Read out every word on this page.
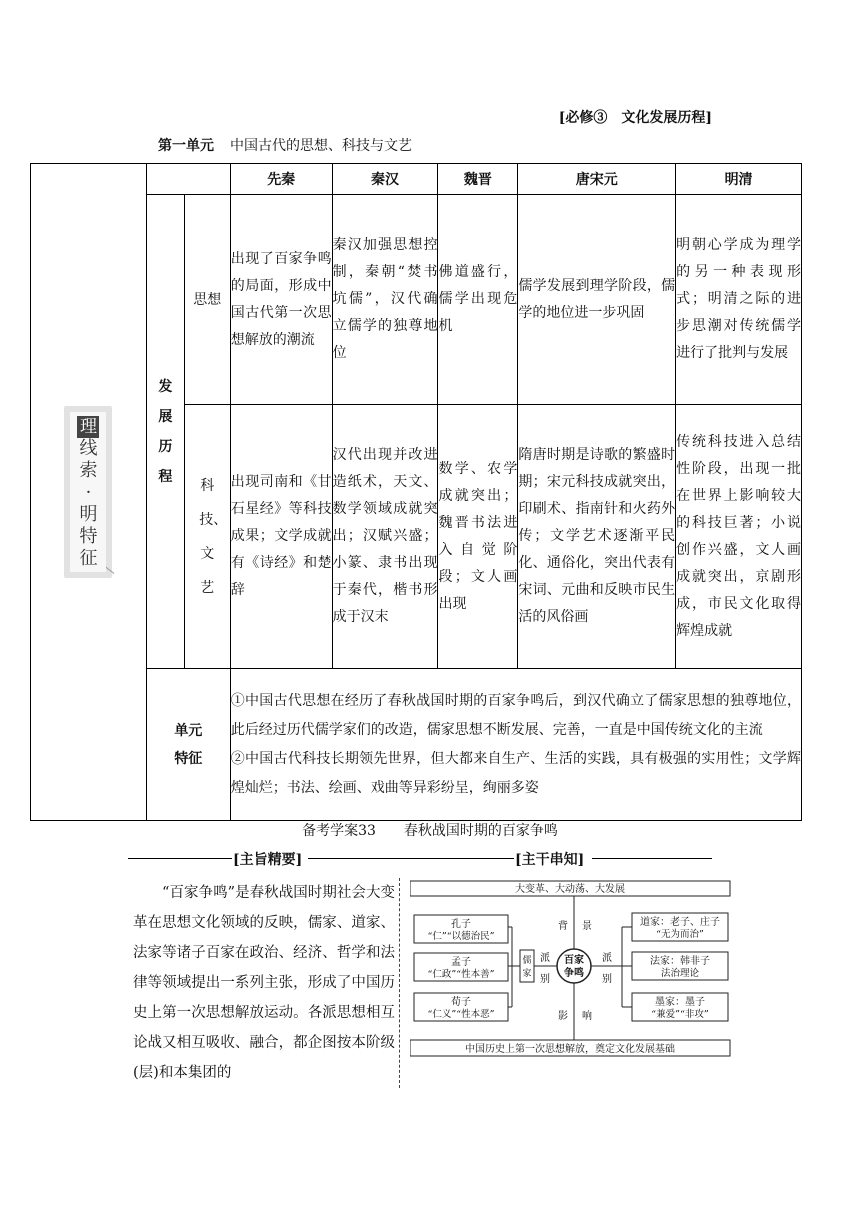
[必修③　文化发展历程]
第一单元 中国古代的思想、科技与文艺
理
线索·
明特征			先秦	秦汉	魏晋	唐宋元	明清

	发展历程	思想	出现了百家争鸣的局面，形成中国古代第一次思想解放的潮流	秦汉加强思想控制，秦朝“焚书坑儒”，汉代确立儒学的独尊地位	佛道盛行，儒学出现危机	儒学发展到理学阶段，儒学的地位进一步巩固	明朝心学成为理学的另一种表现形式；明清之际的进步思潮对传统儒学进行了批判与发展

		科技、文艺	出现司南和《甘石星经》等科技成果；文学成就有《诗经》和楚辞	汉代出现并改进造纸术，天文、数学领域成就突出；汉赋兴盛；小篆、隶书出现于秦代，楷书形成于汉末	数学、农学成就突出；魏晋书法进入自觉阶段；文人画出现	隋唐时期是诗歌的繁盛时期；宋元科技成就突出，印刷术、指南针和火药外传；文学艺术逐渐平民化、通俗化，突出代表有宋词、元曲和反映市民生活的风俗画	传统科技进入总结性阶段，出现一批在世界上影响较大的科技巨著；小说创作兴盛，文人画成就突出，京剧形成，市民文化取得辉煌成就

	单元特征		①中国古代思想在经历了春秋战国时期的百家争鸣后，到汉代确立了儒家思想的独尊地位，此后经过历代儒学家们的改造，儒家思想不断发展、完善，一直是中国传统文化的主流
②中国古代科技长期领先世界，但大都来自生产、生活的实践，具有极强的实用性；文学辉煌灿烂；书法、绘画、戏曲等异彩纷呈，绚丽多姿				
备考学案33 春秋战国时期的百家争鸣
[主旨精要]	[主干串知]
“百家争鸣”是春秋战国时期社会大变革在思想文化领域的反映，儒家、道家、法家等诸子百家在政治、经济、哲学和法律等领域提出一系列主张，形成了中国历史上第一次思想解放运动。各派思想相互论战又相互吸收、融合，都企图按本阶级(层)和本集团的
大变革、大动荡、大发展
中国历史上第一次思想解放，奠定文化发展基础
背 景
影 响
百家
争鸣
派
别
儒
家
孔子
“仁”“以德治民”
孟子
“仁政”“性本善”
荀子
“仁义”“性本恶”
派
别
道家：老子、庄子
“无为而治”
法家：韩非子
法治理论
墨家：墨子
“兼爱”“非攻”
